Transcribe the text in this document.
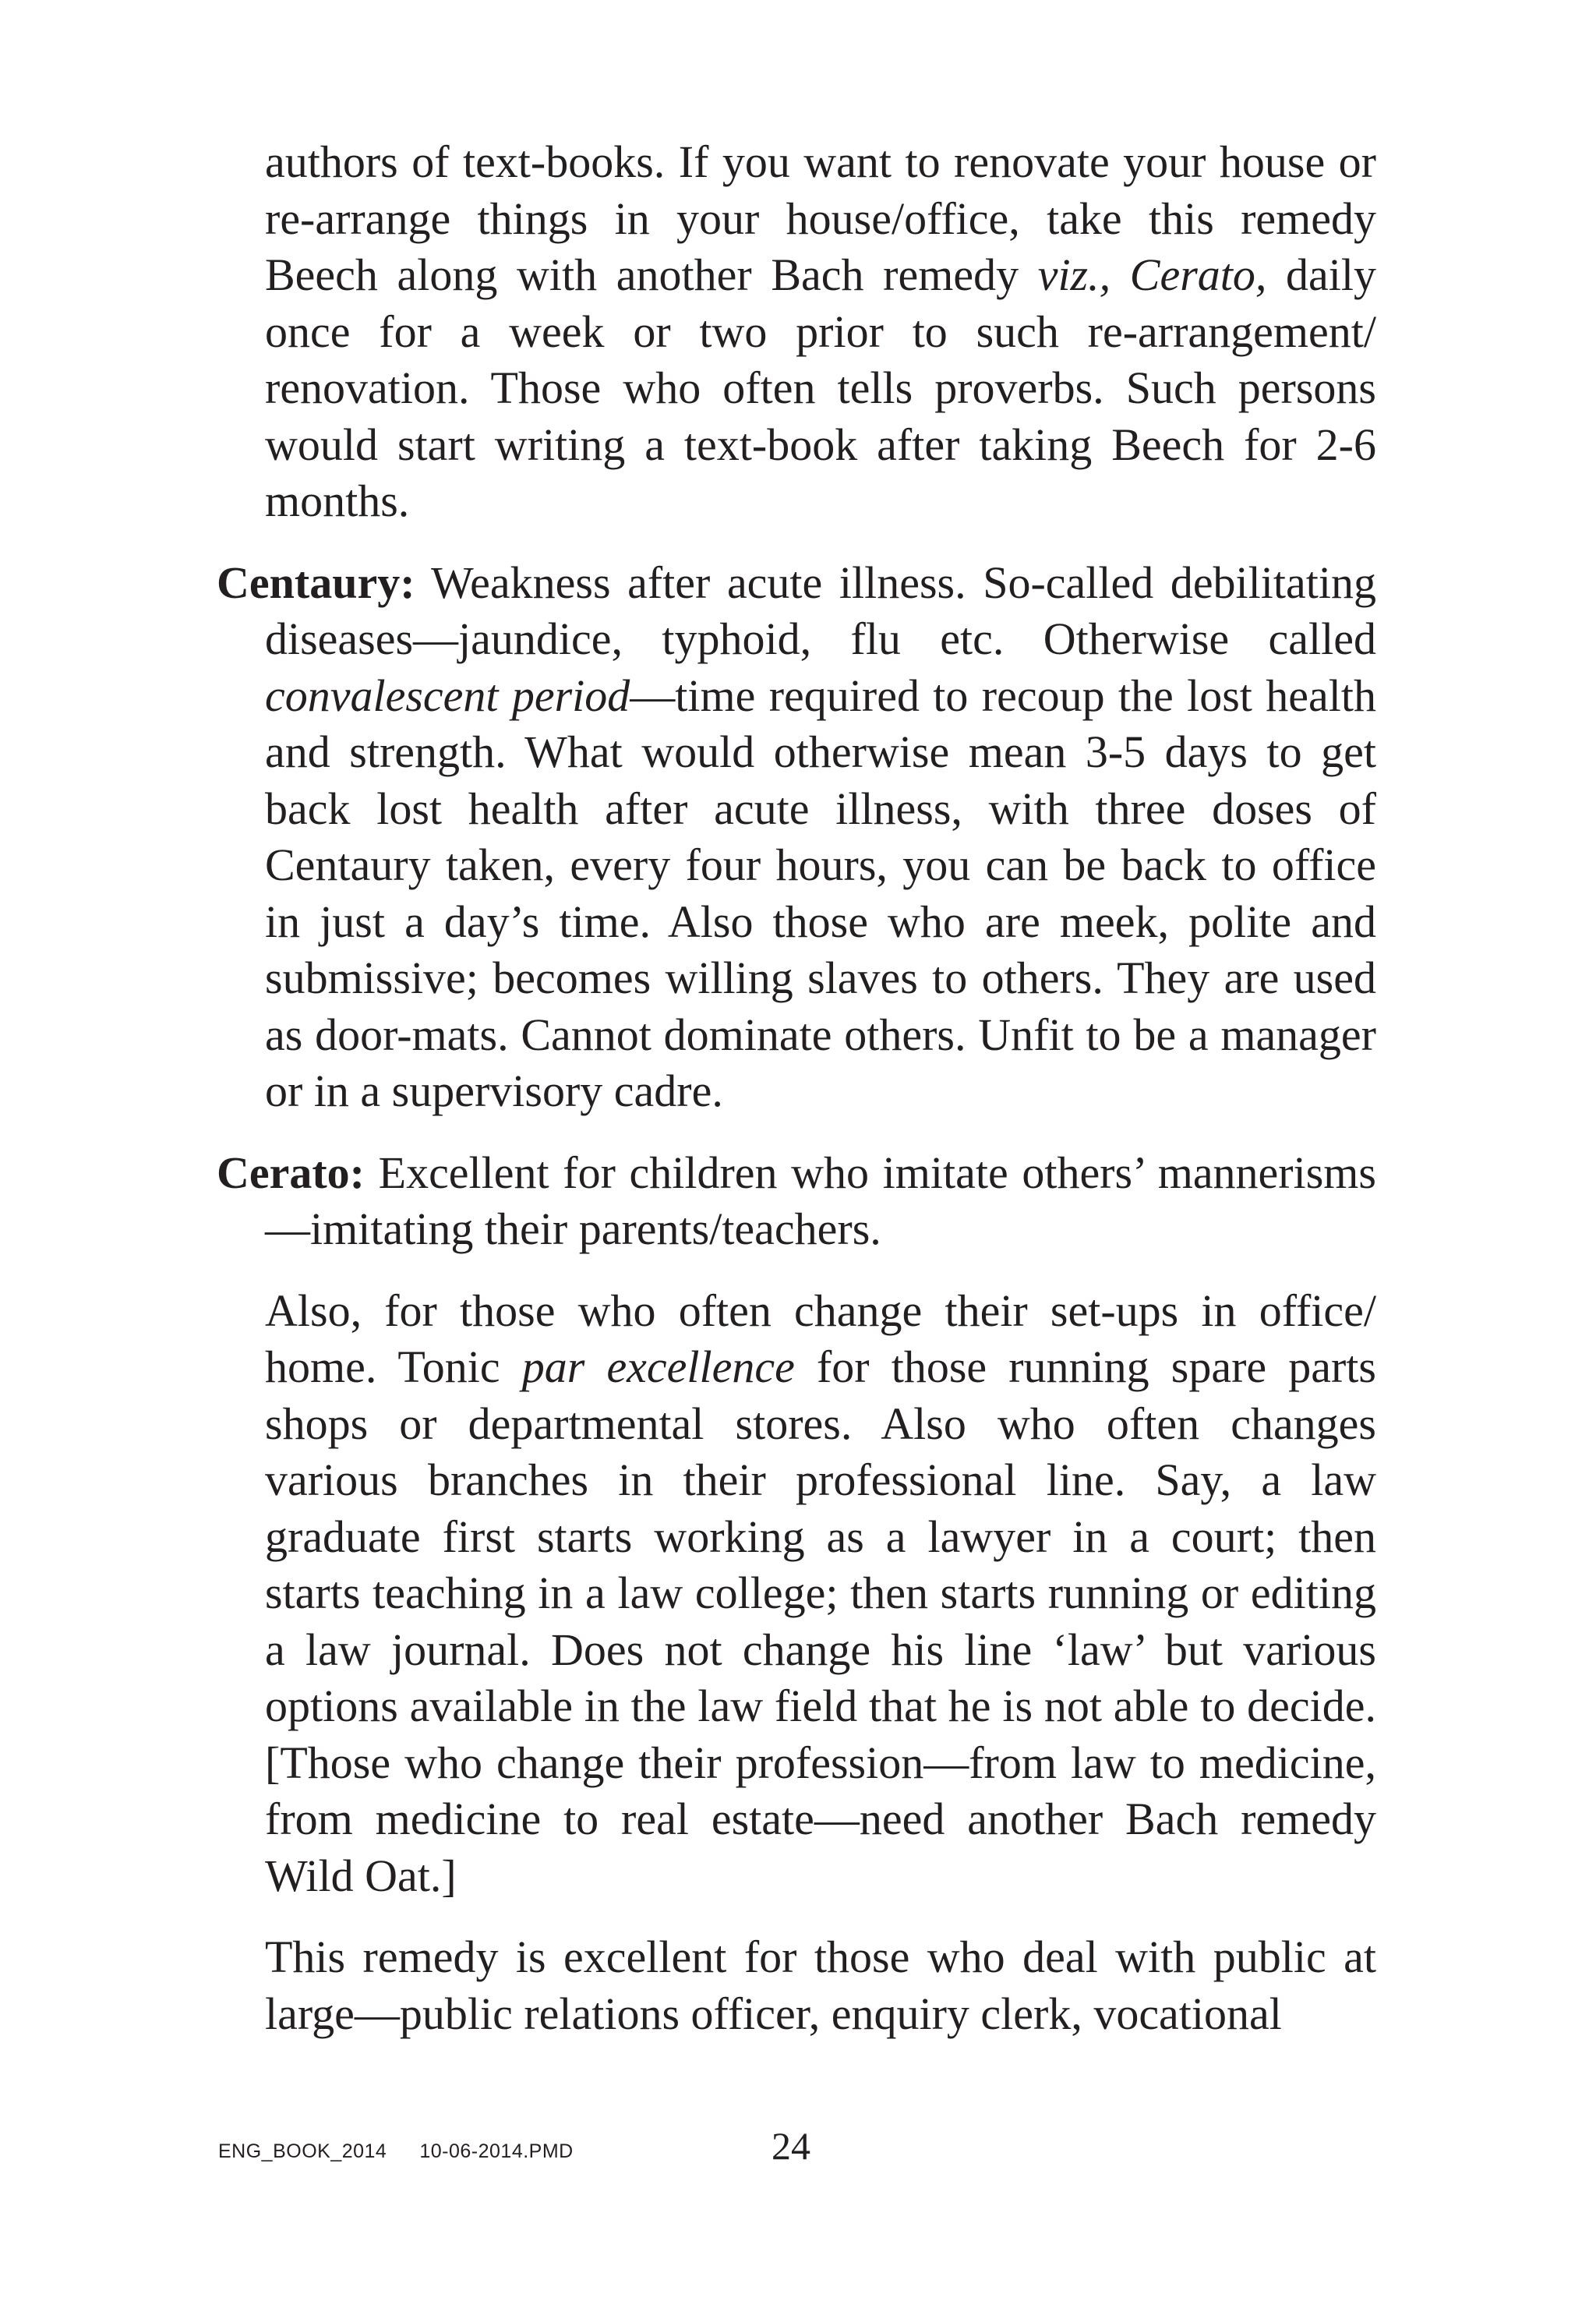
authors of text-books. If you want to renovate your house or re-arrange things in your house/office, take this remedy Beech along with another Bach remedy viz., Cerato, daily once for a week or two prior to such re-arrangement/ renovation. Those who often tells proverbs. Such persons would start writing a text-book after taking Beech for 2-6 months.

Centaury: Weakness after acute illness. So-called debilitating diseases—jaundice, typhoid, flu etc. Otherwise called convalescent period—time required to recoup the lost health and strength. What would otherwise mean 3-5 days to get back lost health after acute illness, with three doses of Centaury taken, every four hours, you can be back to office in just a day’s time. Also those who are meek, polite and submissive; becomes willing slaves to others. They are used as door-mats. Cannot dominate others. Unfit to be a manager or in a supervisory cadre.

Cerato: Excellent for children who imitate others’ mannerisms—imitating their parents/teachers.

Also, for those who often change their set-ups in office/ home. Tonic par excellence for those running spare parts shops or departmental stores. Also who often changes various branches in their professional line. Say, a law graduate first starts working as a lawyer in a court; then starts teaching in a law college; then starts running or editing a law journal. Does not change his line ‘law’ but various options available in the law field that he is not able to decide. [Those who change their profession—from law to medicine, from medicine to real estate—need another Bach remedy Wild Oat.]

This remedy is excellent for those who deal with public at large—public relations officer, enquiry clerk, vocational

ENG_BOOK_2014 10-06-2014.PMD	24
